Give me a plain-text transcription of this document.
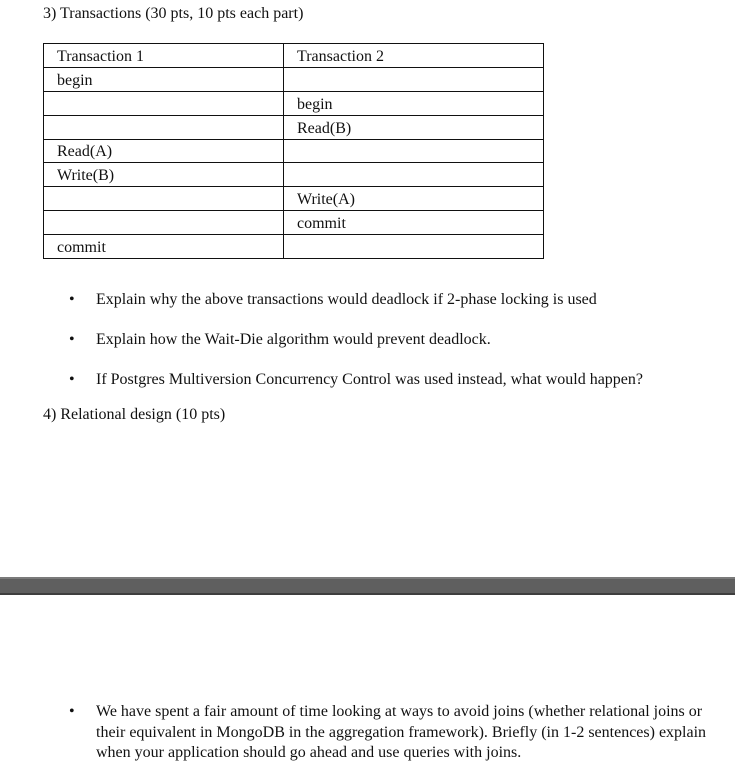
3) Transactions (30 pts, 10 pts each part)
Transaction 1	Transaction 2
begin	
	begin
	Read(B)
Read(A)	
Write(B)	
	Write(A)
	commit
commit	
• Explain why the above transactions would deadlock if 2-phase locking is used
• Explain how the Wait-Die algorithm would prevent deadlock.
• If Postgres Multiversion Concurrency Control was used instead, what would happen?
4) Relational design (10 pts)
• We have spent a fair amount of time looking at ways to avoid joins (whether relational joins or their equivalent in MongoDB in the aggregation framework). Briefly (in 1-2 sentences) explain when your application should go ahead and use queries with joins.
